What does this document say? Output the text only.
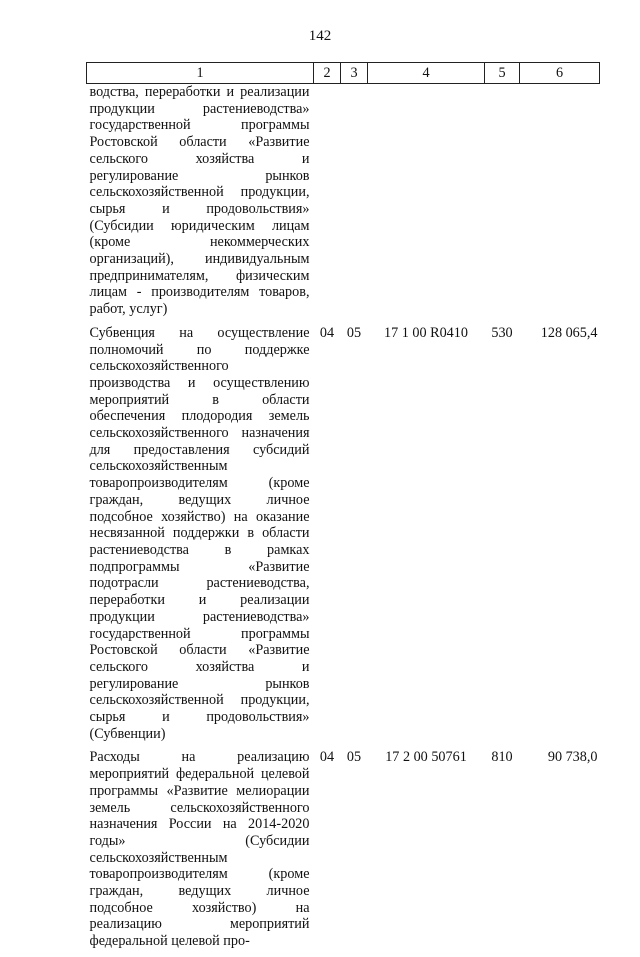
142
1	2	3	4	5	6
водства, переработки и реализации продукции растениеводства» государственной программы Ростовской области «Развитие сельского хозяйства и регулирование рынков сельскохозяйственной продукции, сырья и продовольствия» (Субсидии юридическим лицам (кроме некоммерческих организаций), индивидуальным предпринимателям, физическим лицам - производителям товаров, работ, услуг)					
Субвенция на осуществление полномочий по поддержке сельскохозяйственного производства и осуществлению мероприятий в области обеспечения плодородия земель сельскохозяйственного назначения для предоставления субсидий сельскохозяйственным товаропроизводителям (кроме граждан, ведущих личное подсобное хозяйство) на оказание несвязанной поддержки в области растениеводства в рамках подпрограммы «Развитие подотрасли растениеводства, переработки и реализации продукции растениеводства» государственной программы Ростовской области «Развитие сельского хозяйства и регулирование рынков сельскохозяйственной продукции, сырья и продовольствия» (Субвенции)	04	05	17 1 00 R0410	530	128 065,4
Расходы на реализацию мероприятий федеральной целевой программы «Развитие мелиорации земель сельскохозяйственного назначения России на 2014-2020 годы» (Субсидии сельскохозяйственным товаропроизводителям (кроме граждан, ведущих личное подсобное хозяйство) на реализацию мероприятий федеральной целевой про-	04	05	17 2 00 50761	810	90 738,0
